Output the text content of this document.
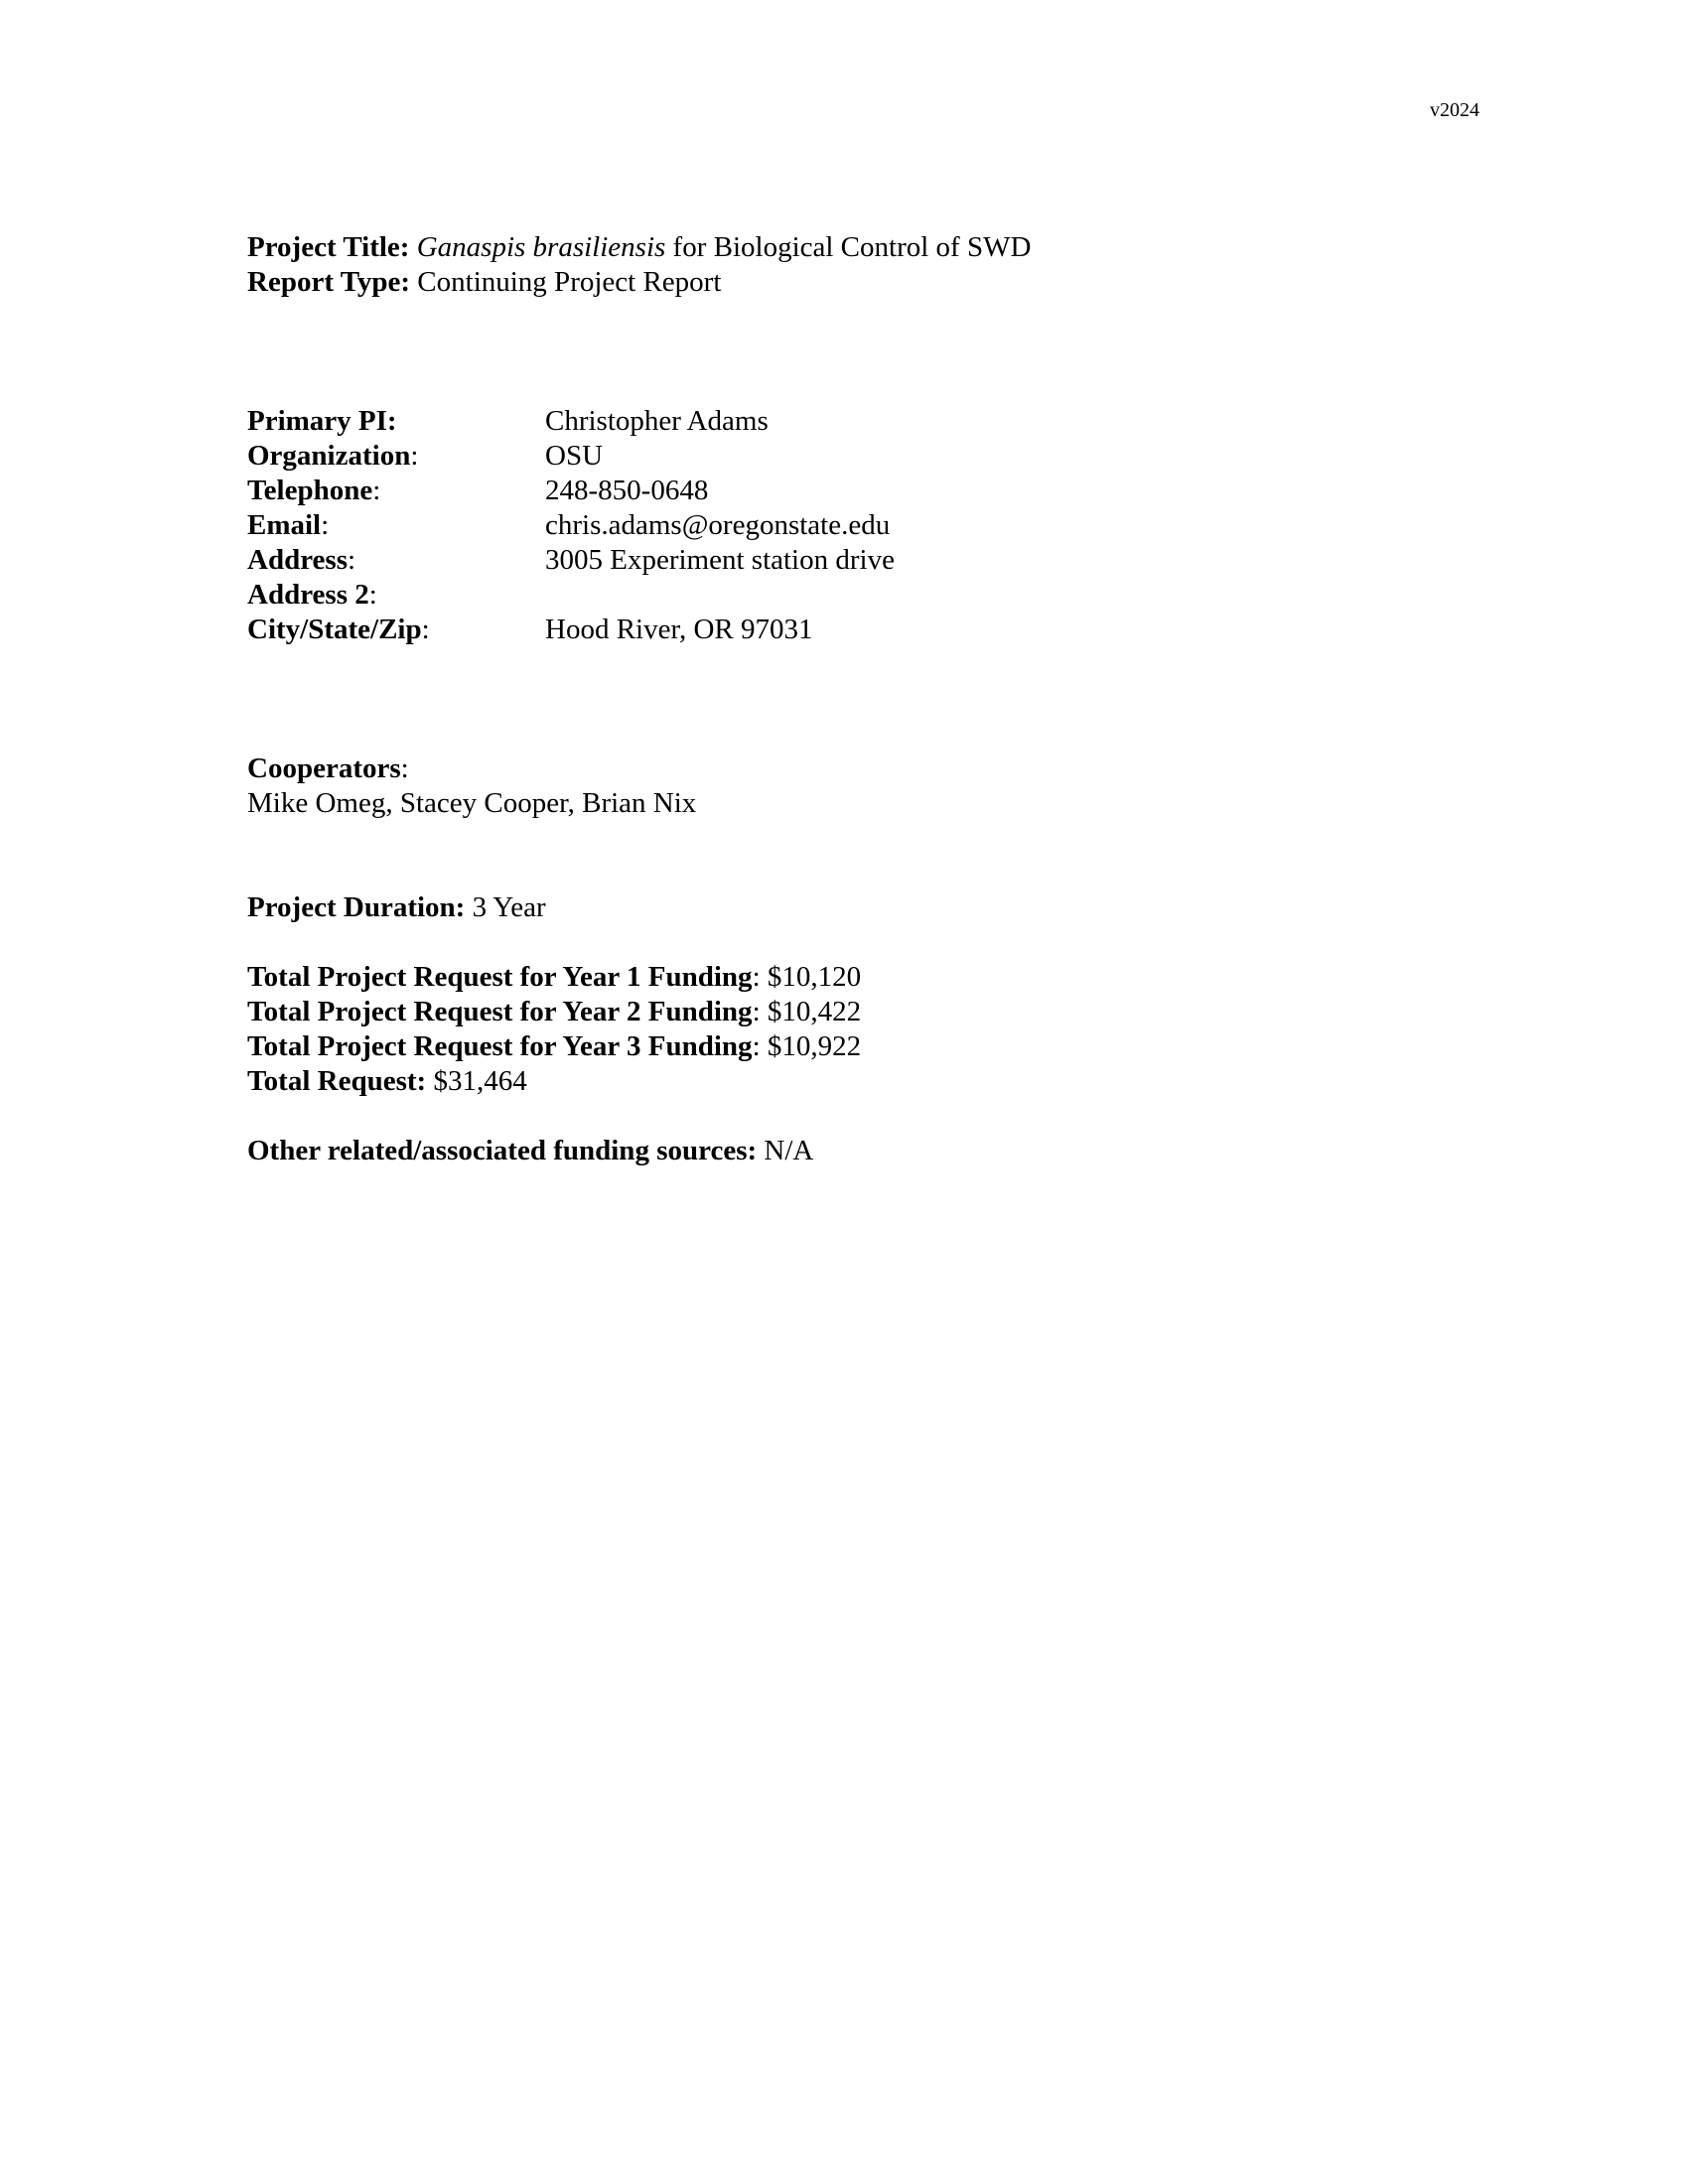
v2024
Project Title: Ganaspis brasiliensis for Biological Control of SWD
Report Type: Continuing Project Report
Primary PI:	Christopher Adams
Organization:	OSU
Telephone:	248-850-0648
Email:	chris.adams@oregonstate.edu
Address:	3005 Experiment station drive
Address 2:	
City/State/Zip:	Hood River, OR 97031
Cooperators:
Mike Omeg, Stacey Cooper, Brian Nix
Project Duration: 3 Year
Total Project Request for Year 1 Funding: $10,120
Total Project Request for Year 2 Funding: $10,422
Total Project Request for Year 3 Funding: $10,922
Total Request: $31,464
Other related/associated funding sources: N/A
